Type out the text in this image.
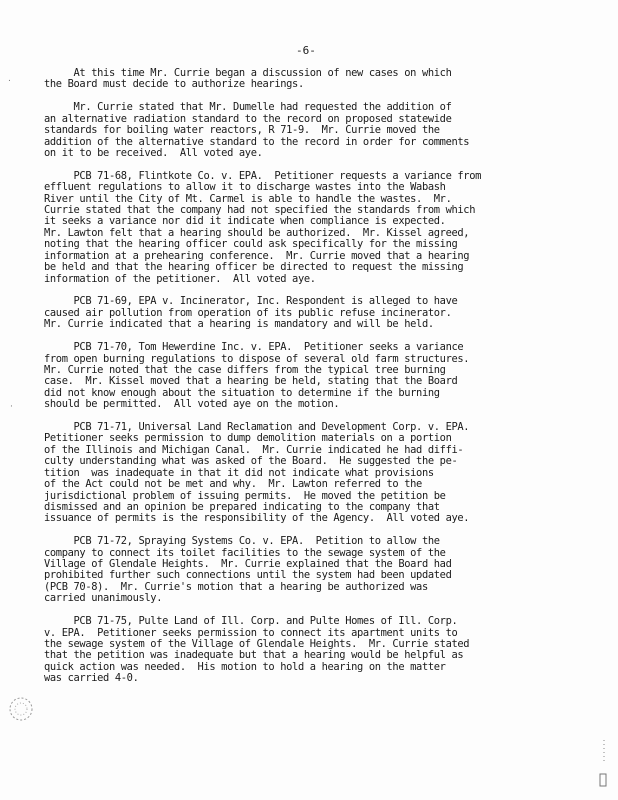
-6-
.
·
At this time Mr. Currie began a discussion of new cases on which
the Board must decide to authorize hearings.
Mr. Currie stated that Mr. Dumelle had requested the addition of
an alternative radiation standard to the record on proposed statewide
standards for boiling water reactors, R 71-9.  Mr. Currie moved the
addition of the alternative standard to the record in order for comments
on it to be received.  All voted aye.
PCB 71-68, Flintkote Co. v. EPA.  Petitioner requests a variance from
effluent regulations to allow it to discharge wastes into the Wabash
River until the City of Mt. Carmel is able to handle the wastes.  Mr.
Currie stated that the company had not specified the standards from which
it seeks a variance nor did it indicate when compliance is expected.
Mr. Lawton felt that a hearing should be authorized.  Mr. Kissel agreed,
noting that the hearing officer could ask specifically for the missing
information at a prehearing conference.  Mr. Currie moved that a hearing
be held and that the hearing officer be directed to request the missing
information of the petitioner.  All voted aye.
PCB 71-69, EPA v. Incinerator, Inc. Respondent is alleged to have
caused air pollution from operation of its public refuse incinerator.
Mr. Currie indicated that a hearing is mandatory and will be held.
PCB 71-70, Tom Hewerdine Inc. v. EPA.  Petitioner seeks a variance
from open burning regulations to dispose of several old farm structures.
Mr. Currie noted that the case differs from the typical tree burning
case.  Mr. Kissel moved that a hearing be held, stating that the Board
did not know enough about the situation to determine if the burning
should be permitted.  All voted aye on the motion.
PCB 71-71, Universal Land Reclamation and Development Corp. v. EPA.
Petitioner seeks permission to dump demolition materials on a portion
of the Illinois and Michigan Canal.  Mr. Currie indicated he had diffi-
culty understanding what was asked of the Board.  He suggested the pe-
tition  was inadequate in that it did not indicate what provisions
of the Act could not be met and why.  Mr. Lawton referred to the
jurisdictional problem of issuing permits.  He moved the petition be
dismissed and an opinion be prepared indicating to the company that
issuance of permits is the responsibility of the Agency.  All voted aye.
PCB 71-72, Spraying Systems Co. v. EPA.  Petition to allow the
company to connect its toilet facilities to the sewage system of the
Village of Glendale Heights.  Mr. Currie explained that the Board had
prohibited further such connections until the system had been updated
(PCB 70-8).  Mr. Currie's motion that a hearing be authorized was
carried unanimously.
PCB 71-75, Pulte Land of Ill. Corp. and Pulte Homes of Ill. Corp.
v. EPA.  Petitioner seeks permission to connect its apartment units to
the sewage system of the Village of Glendale Heights.  Mr. Currie stated
that the petition was inadequate but that a hearing would be helpful as
quick action was needed.  His motion to hold a hearing on the matter
was carried 4-0.
